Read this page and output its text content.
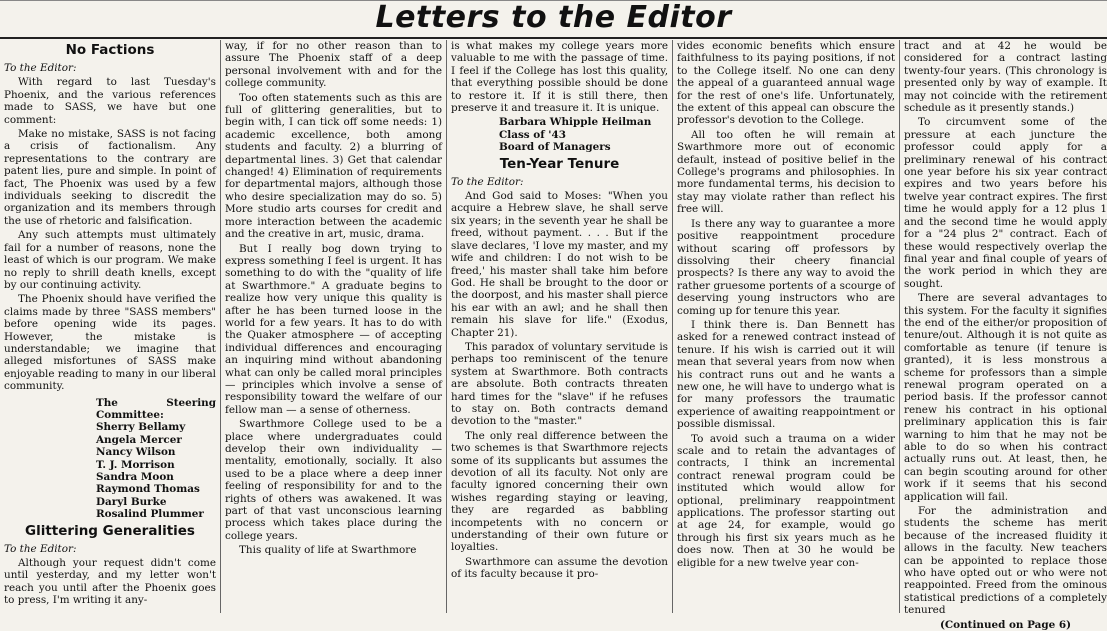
Letters to the Editor
No Factions

To the Editor:

With regard to last Tuesday's Phoenix, and the various references made to SASS, we have but one comment:

Make no mistake, SASS is not facing a crisis of factionalism. Any representations to the contrary are patent lies, pure and simple. In point of fact, The Phoenix was used by a few individuals seeking to discredit the organization and its members through the use of rhetoric and falsification.

Any such attempts must ultimately fail for a number of reasons, none the least of which is our program. We make no reply to shrill death knells, except by our continuing activity.

The Phoenix should have verified the claims made by three "SASS members" before opening wide its pages. However, the mistake is understandable; we imagine that alleged misfortunes of SASS make enjoyable reading to many in our liberal community.

The Steering Committee:
Sherry Bellamy
Angela Mercer
Nancy Wilson
T. J. Morrison
Sandra Moon
Raymond Thomas
Daryl Burke
Rosalind Plummer
Glittering Generalities

To the Editor:

Although your request didn't come until yesterday, and my letter won't reach you until after the Phoenix goes to press, I'm writing it any-

way, if for no other reason than to assure The Phoenix staff of a deep personal involvement with and for the college community.

Too often statements such as this are full of glittering generalities, but to begin with, I can tick off some needs: 1) academic excellence, both among students and faculty. 2) a blurring of departmental lines. 3) Get that calendar changed! 4) Elimination of requirements for departmental majors, although those who desire specialization may do so. 5) More studio arts courses for credit and more interaction between the academic and the creative in art, music, drama.

But I really bog down trying to express something I feel is urgent. It has something to do with the "quality of life at Swarthmore." A graduate begins to realize how very unique this quality is after he has been turned loose in the world for a few years. It has to do with the Quaker atmosphere — of accepting individual differences and encouraging an inquiring mind without abandoning what can only be called moral principles — principles which involve a sense of responsibility toward the welfare of our fellow man — a sense of otherness.

Swarthmore College used to be a place where undergraduates could develop their own individuality — mentality, emotionally, socially. It also used to be a place where a deep inner feeling of responsibility for and to the rights of others was awakened. It was part of that vast unconscious learning process which takes place during the college years.

This quality of life at Swarthmore

is what makes my college years more valuable to me with the passage of time. I feel if the College has lost this quality, that everything possible should be done to restore it. If it is still there, then preserve it and treasure it. It is unique.

Barbara Whipple Heilman
Class of '43
Board of Managers
Ten-Year Tenure

To the Editor:

And God said to Moses: "When you acquire a Hebrew slave, he shall serve six years; in the seventh year he shall be freed, without payment. . . . But if the slave declares, 'I love my master, and my wife and children: I do not wish to be freed,' his master shall take him before God. He shall be brought to the door or the doorpost, and his master shall pierce his ear with an awl; and he shall then remain his slave for life." (Exodus, Chapter 21).

This paradox of voluntary servitude is perhaps too reminiscent of the tenure system at Swarthmore. Both contracts are absolute. Both contracts threaten hard times for the "slave" if he refuses to stay on. Both contracts demand devotion to the "master."

The only real difference between the two schemes is that Swarthmore rejects some of its supplicants but assumes the devotion of all its faculty. Not only are faculty ignored concerning their own wishes regarding staying or leaving, they are regarded as babbling incompetents with no concern or understanding of their own future or loyalties.

Swarthmore can assume the devotion of its faculty because it pro-

vides economic benefits which ensure faithfulness to its paying positions, if not to the College itself. No one can deny the appeal of a guaranteed annual wage for the rest of one's life. Unfortunately, the extent of this appeal can obscure the professor's devotion to the College.

All too often he will remain at Swarthmore more out of economic default, instead of positive belief in the College's programs and philosophies. In more fundamental terms, his decision to stay may violate rather than reflect his free will.

Is there any way to guarantee a more positive reappointment procedure without scaring off professors by dissolving their cheery financial prospects? Is there any way to avoid the rather gruesome portents of a scourge of deserving young instructors who are coming up for tenure this year.

I think there is. Dan Bennett has asked for a renewed contract instead of tenure. If his wish is carried out it will mean that several years from now when his contract runs out and he wants a new one, he will have to undergo what is for many professors the traumatic experience of awaiting reappointment or possible dismissal.

To avoid such a trauma on a wider scale and to retain the advantages of contracts, I think an incremental contract renewal program could be instituted which would allow for optional, preliminary reappointment applications. The professor starting out at age 24, for example, would go through his first six years much as he does now. Then at 30 he would be eligible for a new twelve year con-

tract and at 42 he would be considered for a contract lasting twenty-four years. (This chronology is presented only by way of example. It may not coincide with the retirement schedule as it presently stands.)

To circumvent some of the pressure at each juncture the professor could apply for a preliminary renewal of his contract one year before his six year contract expires and two years before his twelve year contract expires. The first time he would apply for a 12 plus 1 and the second time he would apply for a "24 plus 2" contract. Each of these would respectively overlap the final year and final couple of years of the work period in which they are sought.

There are several advantages to this system. For the faculty it signifies the end of the either/or proposition of tenure/out. Although it is not quite as comfortable as tenure (if tenure is granted), it is less monstrous a scheme for professors than a simple renewal program operated on a period basis. If the professor cannot renew his contract in his optional preliminary application this is fair warning to him that he may not be able to do so when his contract actually runs out. At least, then, he can begin scouting around for other work if it seems that his second application will fail.

For the administration and students the scheme has merit because of the increased fluidity it allows in the faculty. New teachers can be appointed to replace those who have opted out or who were not reappointed. Freed from the ominous statistical predictions of a completely tenured

(Continued on Page 6)
